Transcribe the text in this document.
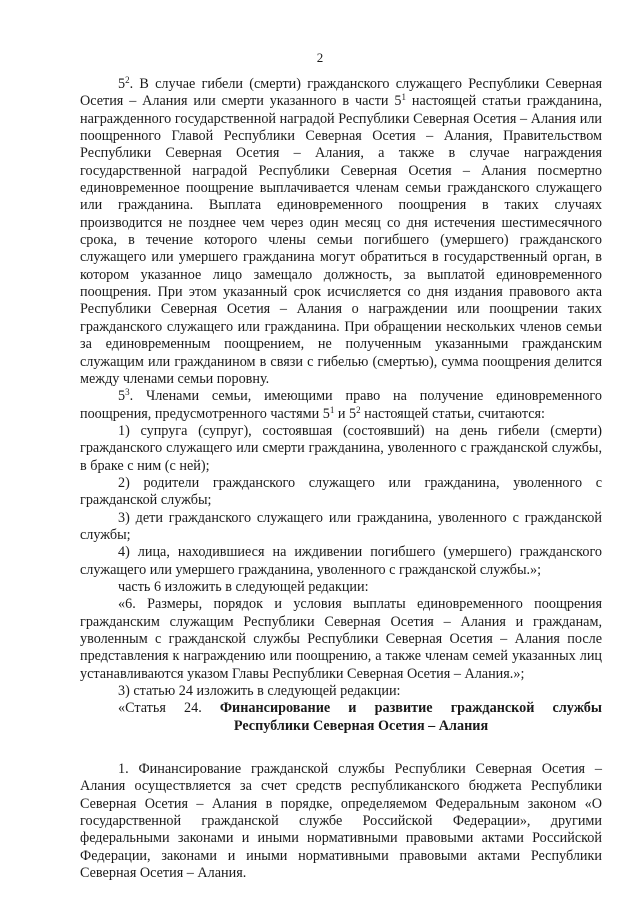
2

$5^2$. В случае гибели (смерти) гражданского служащего Республики Северная Осетия – Алания или смерти указанного в части $5^1$ настоящей статьи гражданина, награжденного государственной наградой Республики Северная Осетия – Алания или поощренного Главой Республики Северная Осетия – Алания, Правительством Республики Северная Осетия – Алания, а также в случае награждения государственной наградой Республики Северная Осетия – Алания посмертно единовременное поощрение выплачивается членам семьи гражданского служащего или гражданина. Выплата единовременного поощрения в таких случаях производится не позднее чем через один месяц со дня истечения шестимесячного срока, в течение которого члены семьи погибшего (умершего) гражданского служащего или умершего гражданина могут обратиться в государственный орган, в котором указанное лицо замещало должность, за выплатой единовременного поощрения. При этом указанный срок исчисляется со дня издания правового акта Республики Северная Осетия – Алания о награждении или поощрении таких гражданского служащего или гражданина. При обращении нескольких членов семьи за единовременным поощрением, не полученным указанными гражданским служащим или гражданином в связи с гибелью (смертью), сумма поощрения делится между членами семьи поровну.

$5^3$. Членами семьи, имеющими право на получение единовременного поощрения, предусмотренного частями $5^1$ и $5^2$ настоящей статьи, считаются:

1) супруга (супруг), состоявшая (состоявший) на день гибели (смерти) гражданского служащего или смерти гражданина, уволенного с гражданской службы, в браке с ним (с ней);

2) родители гражданского служащего или гражданина, уволенного с гражданской службы;

3) дети гражданского служащего или гражданина, уволенного с гражданской службы;

4) лица, находившиеся на иждивении погибшего (умершего) гражданского служащего или умершего гражданина, уволенного с гражданской службы.»;

часть 6 изложить в следующей редакции:

«6. Размеры, порядок и условия выплаты единовременного поощрения гражданским служащим Республики Северная Осетия – Алания и гражданам, уволенным с гражданской службы Республики Северная Осетия – Алания после представления к награждению или поощрению, а также членам семей указанных лиц устанавливаются указом Главы Республики Северная Осетия – Алания.»;

3) статью 24 изложить в следующей редакции:

«Статья 24. Финансирование и развитие гражданской службы
Республики Северная Осетия – Алания

1. Финансирование гражданской службы Республики Северная Осетия – Алания осуществляется за счет средств республиканского бюджета Республики Северная Осетия – Алания в порядке, определяемом Федеральным законом «О государственной гражданской службе Российской Федерации», другими федеральными законами и иными нормативными правовыми актами Российской Федерации, законами и иными нормативными правовыми актами Республики Северная Осетия – Алания.
